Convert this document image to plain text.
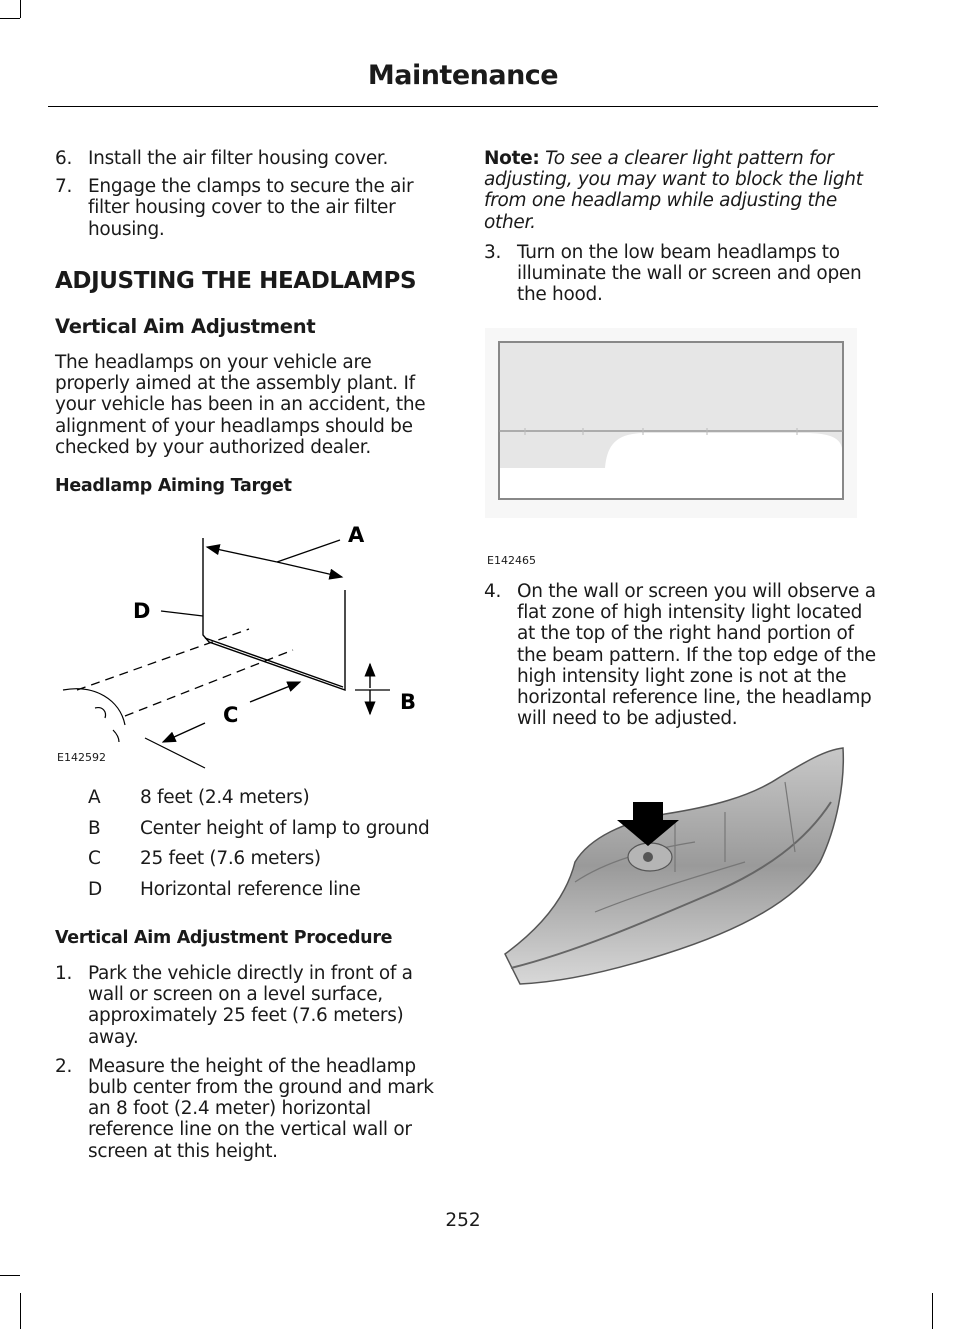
Maintenance
6. Install the air filter housing cover.
7. Engage the clamps to secure the air filter housing cover to the air filter housing.
ADJUSTING THE HEADLAMPS
Vertical Aim Adjustment
The headlamps on your vehicle are properly aimed at the assembly plant. If your vehicle has been in an accident, the alignment of your headlamps should be checked by your authorized dealer.
Headlamp Aiming Target
A
D
B
C
E142592
A	8 feet (2.4 meters)
B	Center height of lamp to ground
C	25 feet (7.6 meters)
D	Horizontal reference line
Vertical Aim Adjustment Procedure
1. Park the vehicle directly in front of a wall or screen on a level surface, approximately 25 feet (7.6 meters) away.
2. Measure the height of the headlamp bulb center from the ground and mark an 8 foot (2.4 meter) horizontal reference line on the vertical wall or screen at this height.
Note: To see a clearer light pattern for adjusting, you may want to block the light from one headlamp while adjusting the other.
3. Turn on the low beam headlamps to illuminate the wall or screen and open the hood.
E142465
4. On the wall or screen you will observe a flat zone of high intensity light located at the top of the right hand portion of the beam pattern. If the top edge of the high intensity light zone is not at the horizontal reference line, the headlamp will need to be adjusted.
252
